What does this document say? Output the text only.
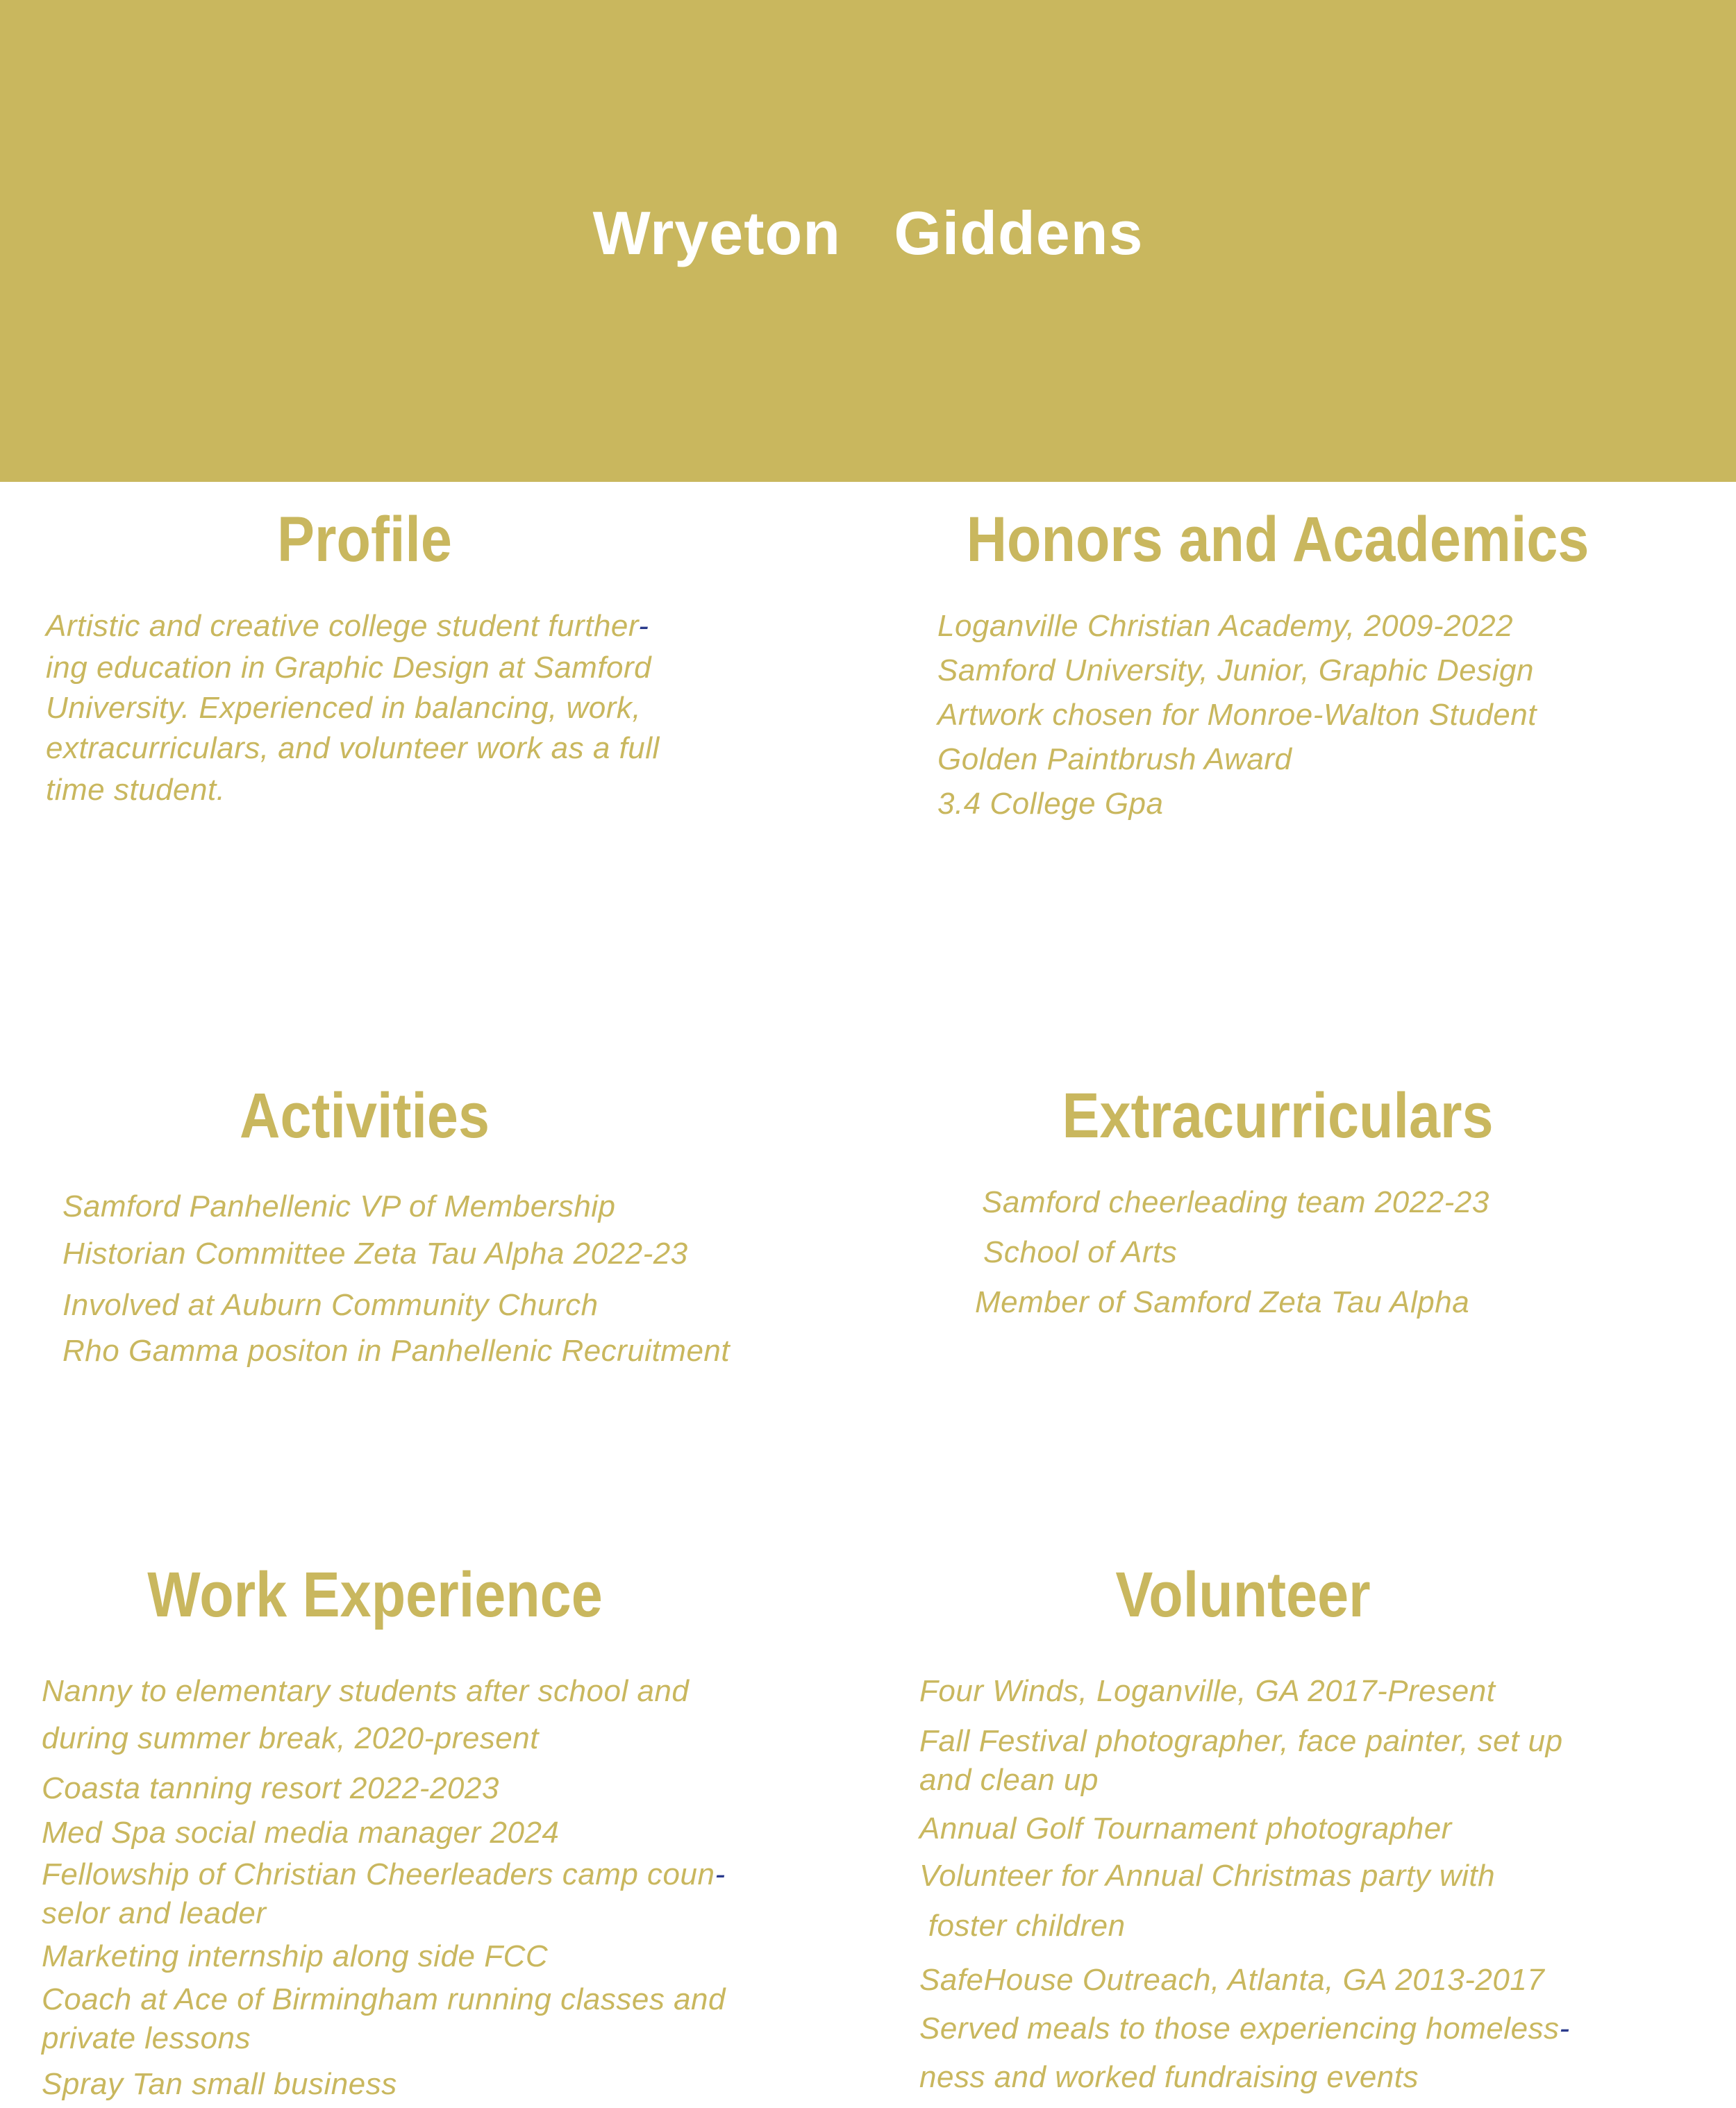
Wryeton   Giddens
Profile
Artistic and creative college student further-
ing education in Graphic Design at Samford
University. Experienced in balancing, work,
extracurriculars, and volunteer work as a full
time student.
Honors and Academics
Loganville Christian Academy, 2009-2022
Samford University, Junior, Graphic Design
Artwork chosen for Monroe-Walton Student
Golden Paintbrush Award
3.4 College Gpa
Activities
Samford Panhellenic VP of Membership
Historian Committee Zeta Tau Alpha 2022-23
Involved at Auburn Community Church
Rho Gamma positon in Panhellenic Recruitment
Extracurriculars
Samford cheerleading team 2022-23
School of Arts
Member of Samford Zeta Tau Alpha
Work Experience
Nanny to elementary students after school and
during summer break, 2020-present
Coasta tanning resort 2022-2023
Med Spa social media manager 2024
Fellowship of Christian Cheerleaders camp coun-
selor and leader
Marketing internship along side FCC
Coach at Ace of Birmingham running classes and
private lessons
Spray Tan small business
Volunteer
Four Winds, Loganville, GA 2017-Present
Fall Festival photographer, face painter, set up
and clean up
Annual Golf Tournament photographer
Volunteer for Annual Christmas party with
foster children
SafeHouse Outreach, Atlanta, GA 2013-2017
Served meals to those experiencing homeless-
ness and worked fundraising events
